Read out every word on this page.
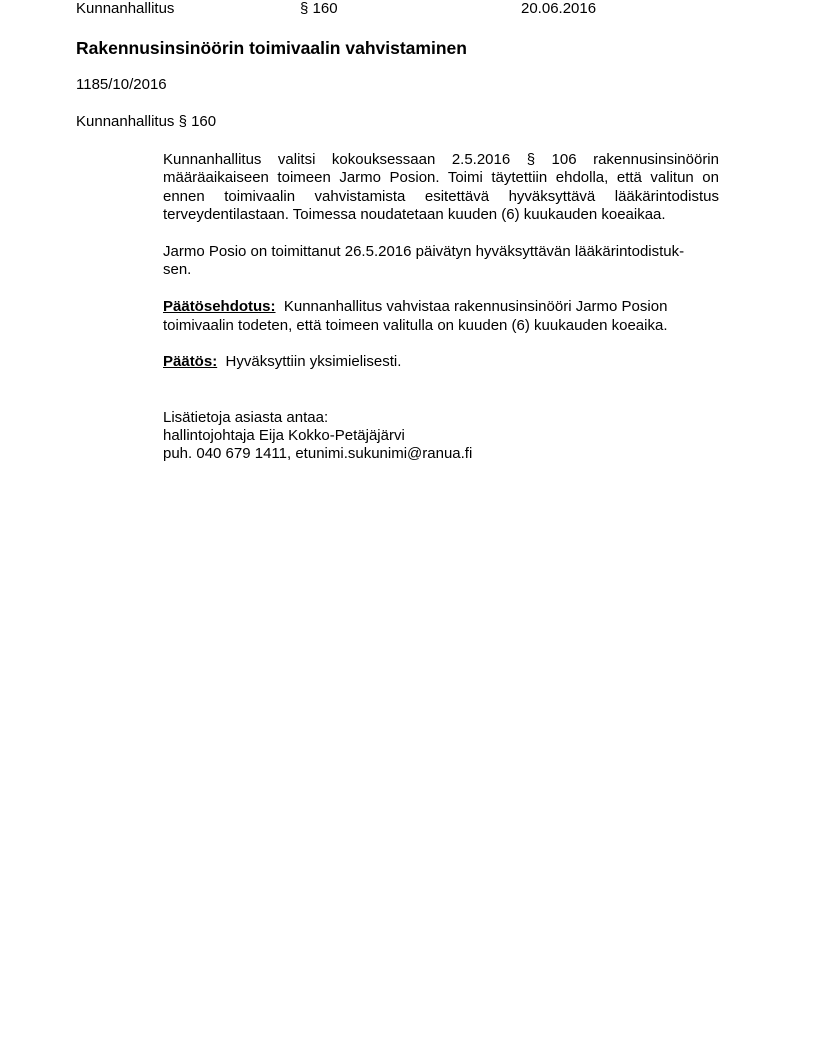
Kunnanhallitus	§ 160	20.06.2016
Rakennusinsinöörin toimivaalin vahvistaminen
1185/10/2016
Kunnanhallitus § 160

Kunnanhallitus valitsi kokouksessaan 2.5.2016 § 106 rakennusinsinöörin määräaikaiseen toimeen Jarmo Posion. Toimi täytettiin ehdolla, että valitun on ennen toimivaalin vahvistamista esitettävä hyväksyttävä lääkärintodistus terveydentilastaan. Toimessa noudatetaan kuuden (6) kuukauden koeaikaa.

Jarmo Posio on toimittanut 26.5.2016 päivätyn hyväksyttävän lääkärintodistuk-
sen.

Päätösehdotus: Kunnanhallitus vahvistaa rakennusinsinööri Jarmo Posion
toimivaalin todeten, että toimeen valitulla on kuuden (6) kuukauden koeaika.

Päätös: Hyväksyttiin yksimielisesti.

Lisätietoja asiasta antaa:
hallintojohtaja Eija Kokko-Petäjäjärvi
puh. 040 679 1411, etunimi.sukunimi@ranua.fi
